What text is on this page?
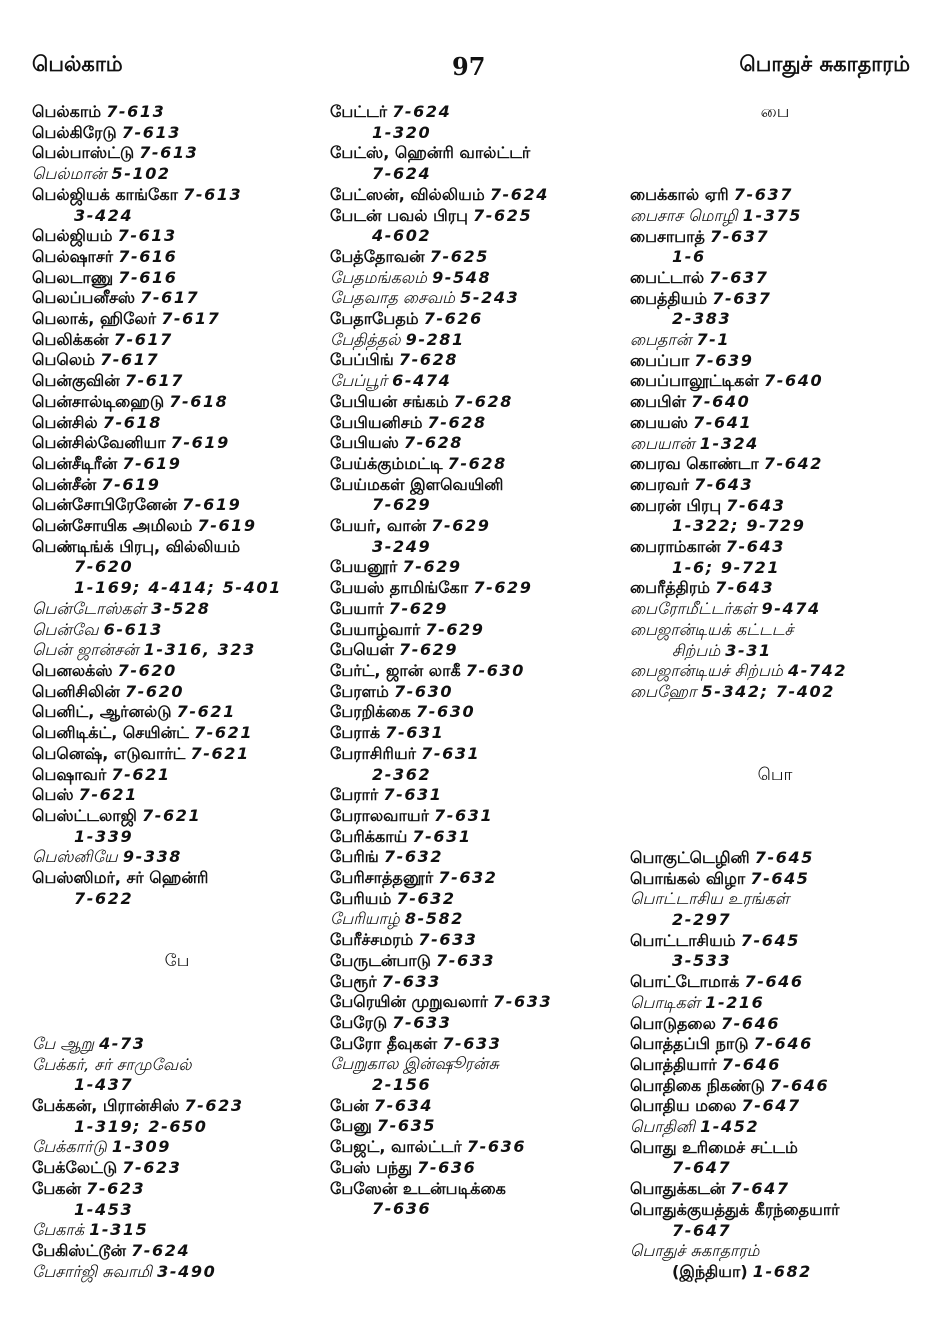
பெல்காம்	97	பொதுச் சுகாதாரம்
பெல்காம் 7-613
பெல்கிரேடு 7-613
பெல்பாஸ்ட்டு 7-613
பெல்மான் 5-102
பெல்ஜியக் காங்கோ 7-613
3-424
பெல்ஜியம் 7-613
பெல்ஷாசர் 7-616
பெலடாணு 7-616
பெலப்பனீசஸ் 7-617
பெலாக், ஹிலேர் 7-617
பெலிக்கன் 7-617
பெலெம் 7-617
பென்குவின் 7-617
பென்சால்டிஹைடு 7-618
பென்சில் 7-618
பென்சில்வேனியா 7-619
பென்சீடிரீன் 7-619
பென்சீன் 7-619
பென்சோபிரேனேன் 7-619
பென்சோயிக அமிலம் 7-619
பெண்டிங்க் பிரபு, வில்லியம்
7-620
1-169; 4-414; 5-401
பென்டோஸ்கள் 3-528
பென்வே 6-613
பென் ஜான்சன் 1-316, 323
பெனலக்ஸ் 7-620
பெனிசிலின் 7-620
பெனிட், ஆர்னல்டு 7-621
பெனிடிக்ட், செயின்ட் 7-621
பெனெஷ், எடுவார்ட் 7-621
பெஷாவர் 7-621
பெஸ் 7-621
பெஸ்ட்டலாஜி 7-621
1-339
பெஸ்னியே 9-338
பெஸ்ஸிமர், சர் ஹென்ரி
7-622

பே

பே ஆறு 4-73
பேக்கர், சர் சாமுவேல்
1-437
பேக்கன், பிரான்சிஸ் 7-623
1-319; 2-650
பேக்கார்டு 1-309
பேக்லேட்டு 7-623
பேகன் 7-623
1-453
பேகாக் 1-315
பேகிஸ்ட்டூன் 7-624
பேசார்ஜி சுவாமி 3-490
பேட்டர் 7-624
1-320
பேட்ஸ், ஹென்ரி வால்ட்டர்
7-624
பேட்ஸன், வில்லியம் 7-624
பேடன் பவல் பிரபு 7-625
4-602
பேத்தோவன் 7-625
பேதமங்கலம் 9-548
பேதவாத சைவம் 5-243
பேதாபேதம் 7-626
பேதித்தல் 9-281
பேப்பிங் 7-628
பேப்பூர் 6-474
பேபியன் சங்கம் 7-628
பேபியனிசம் 7-628
பேபியஸ் 7-628
பேய்க்கும்மட்டி 7-628
பேய்மகள் இளவெயினி
7-629
பேயர், வான் 7-629
3-249
பேயனூர் 7-629
பேயஸ் தாமிங்கோ 7-629
பேயார் 7-629
பேயாழ்வார் 7-629
பேயெள் 7-629
பேர்ட், ஜான் லாகீ 7-630
பேரளம் 7-630
பேரறிக்கை 7-630
பேராக் 7-631
பேராசிரியர் 7-631
2-362
பேரார் 7-631
பேராலவாயர் 7-631
பேரிக்காய் 7-631
பேரிங் 7-632
பேரிசாத்தனூர் 7-632
பேரியம் 7-632
பேரியாழ் 8-582
பேரீச்சமரம் 7-633
பேருடன்பாடு 7-633
பேரூர் 7-633
பேரெயின் முறுவலார் 7-633
பேரேடு 7-633
பேரோ தீவுகள் 7-633
பேறுகால இன்ஷூரன்சு
2-156
பேன் 7-634
பேனு 7-635
பேஜட், வால்ட்டர் 7-636
பேஸ் பந்து 7-636
பேஸேன் உடன்படிக்கை
7-636
பை

பைக்கால் ஏரி 7-637
பைசாச மொழி 1-375
பைசாபாத் 7-637
1-6
பைட்டால் 7-637
பைத்தியம் 7-637
2-383
பைதான் 7-1
பைப்பா 7-639
பைப்பாலூட்டிகள் 7-640
பைபிள் 7-640
பையஸ் 7-641
பையான் 1-324
பைரவ கொண்டா 7-642
பைரவர் 7-643
பைரன் பிரபு 7-643
1-322; 9-729
பைராம்கான் 7-643
1-6; 9-721
பைரீத்திரம் 7-643
பைரோமீட்டர்கள் 9-474
பைஜான்டியக் கட்டடச்
சிற்பம் 3-31
பைஜான்டியச் சிற்பம் 4-742
பைஹோ 5-342; 7-402

பொ

பொகுட்டெழினி 7-645
பொங்கல் விழா 7-645
பொட்டாசிய உரங்கள்
2-297
பொட்டாசியம் 7-645
3-533
பொட்டோமாக் 7-646
பொடிகள் 1-216
பொடுதலை 7-646
பொத்தப்பி நாடு 7-646
பொத்தியார் 7-646
பொதிகை நிகண்டு 7-646
பொதிய மலை 7-647
பொதினி 1-452
பொது உரிமைச் சட்டம்
7-647
பொதுக்கடன் 7-647
பொதுக்குயத்துக் கீரந்தையார்
7-647
பொதுச் சுகாதாரம்
(இந்தியா) 1-682
